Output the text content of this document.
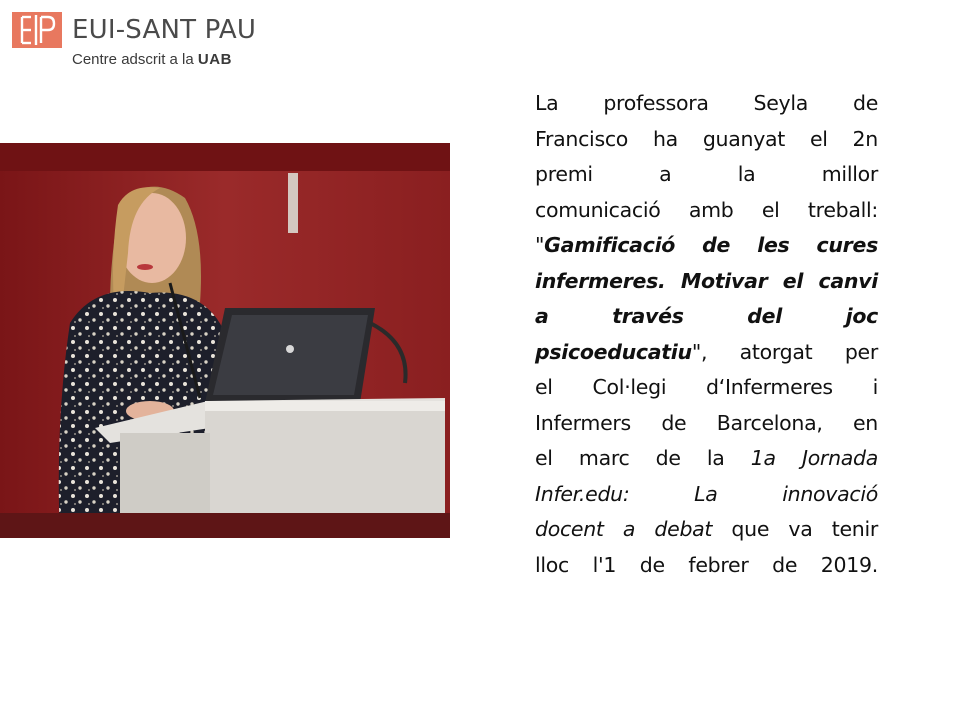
EUI-SANT PAU
Centre adscrit a la UAB
La professora Seyla de
Francisco ha guanyat el 2n
premi a la millor
comunicació amb el treball:
"Gamificació de les cures
infermeres. Motivar el canvi
a través del joc
psicoeducatiu", atorgat per
el Col·legi d‘Infermeres i
Infermers de Barcelona, en
el marc de la 1a Jornada
Infer.edu: La innovació
docent a debat que va tenir
lloc l'1 de febrer de 2019.
